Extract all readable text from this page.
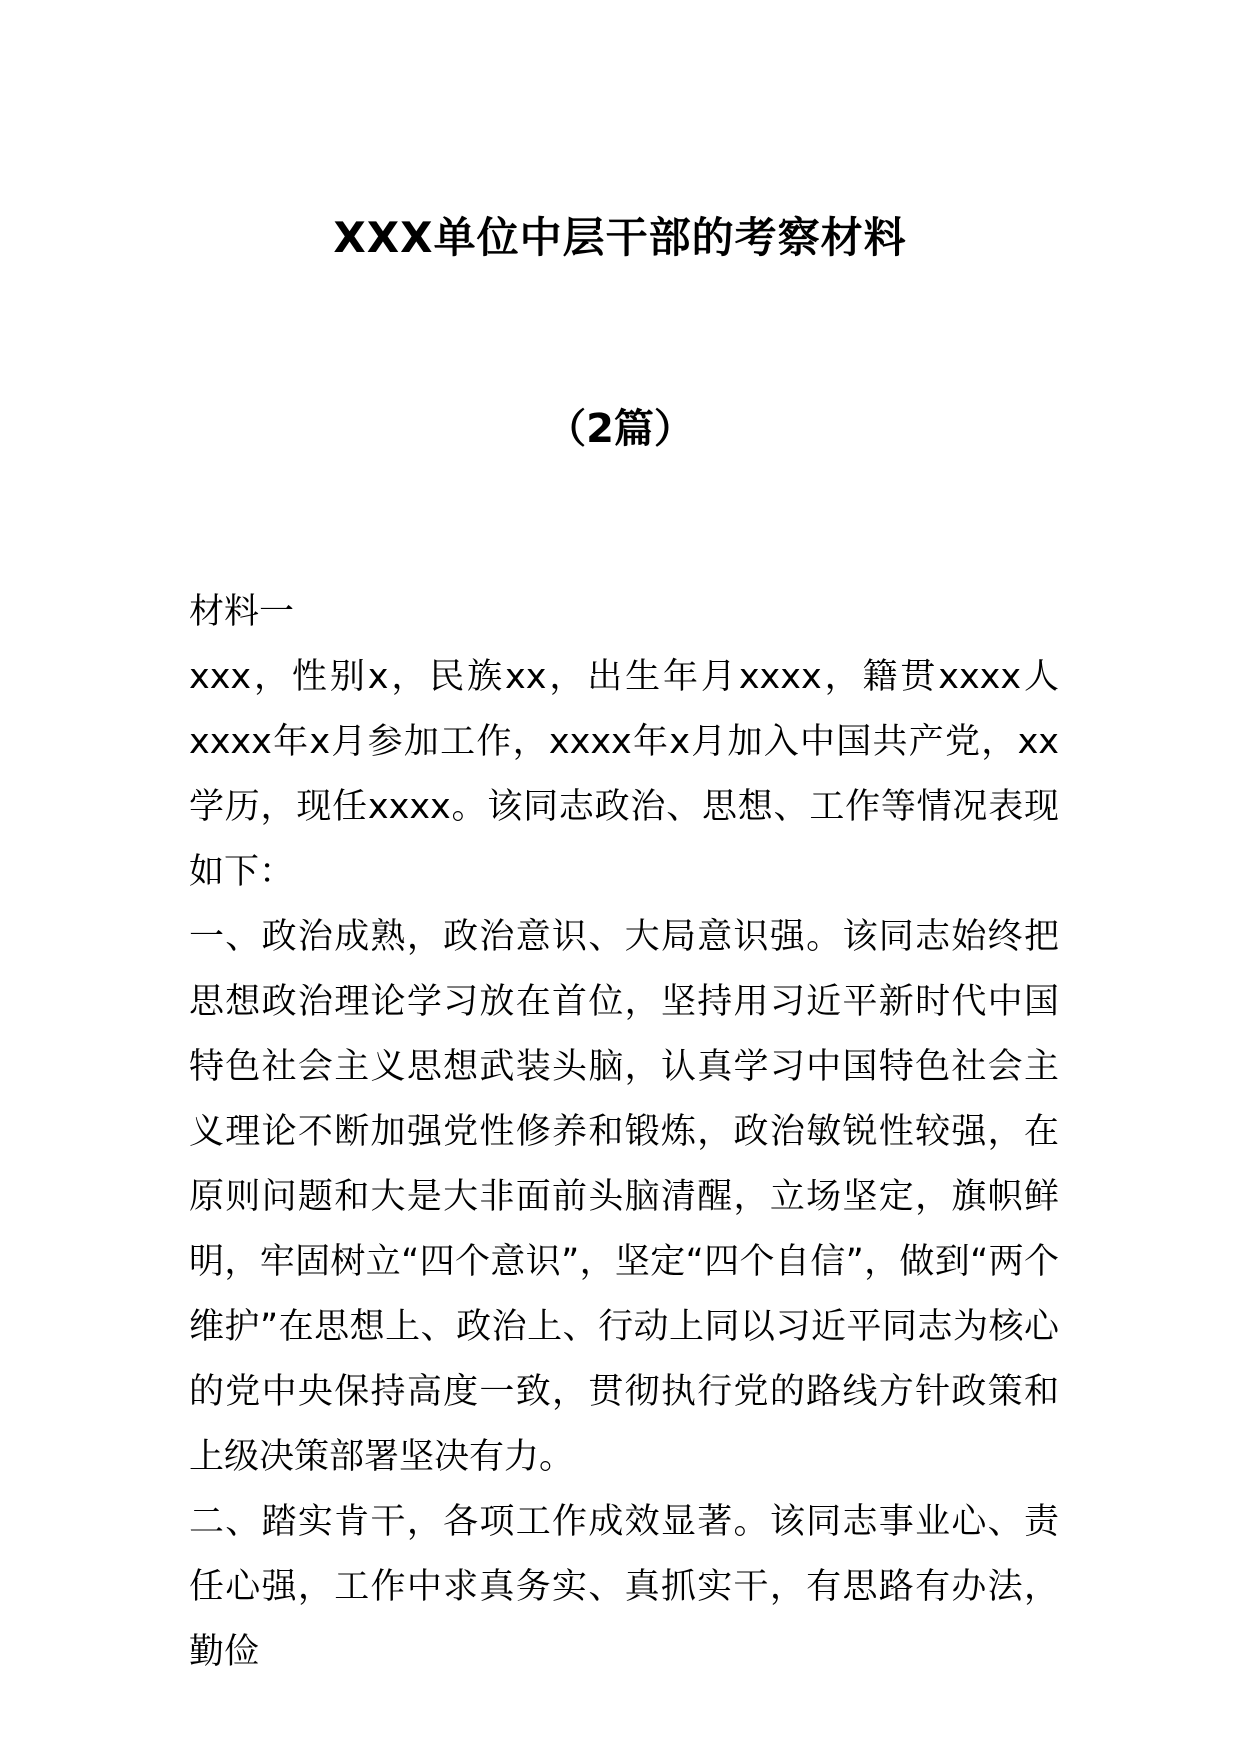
XXX单位中层干部的考察材料
（2篇）

材料一

xxx，性别x，民族xx，出生年月xxxx，籍贯xxxx人xxxx年x月参加工作，xxxx年x月加入中国共产党，xx学历，现任xxxx。该同志政治、思想、工作等情况表现如下：

一、政治成熟，政治意识、大局意识强。该同志始终把思想政治理论学习放在首位，坚持用习近平新时代中国特色社会主义思想武装头脑，认真学习中国特色社会主义理论不断加强党性修养和锻炼，政治敏锐性较强，在原则问题和大是大非面前头脑清醒，立场坚定，旗帜鲜明，牢固树立“四个意识”，坚定“四个自信”，做到“两个维护”在思想上、政治上、行动上同以习近平同志为核心的党中央保持高度一致，贯彻执行党的路线方针政策和上级决策部署坚决有力。

二、踏实肯干，各项工作成效显著。该同志事业心、责任心强，工作中求真务实、真抓实干，有思路有办法，勤俭
